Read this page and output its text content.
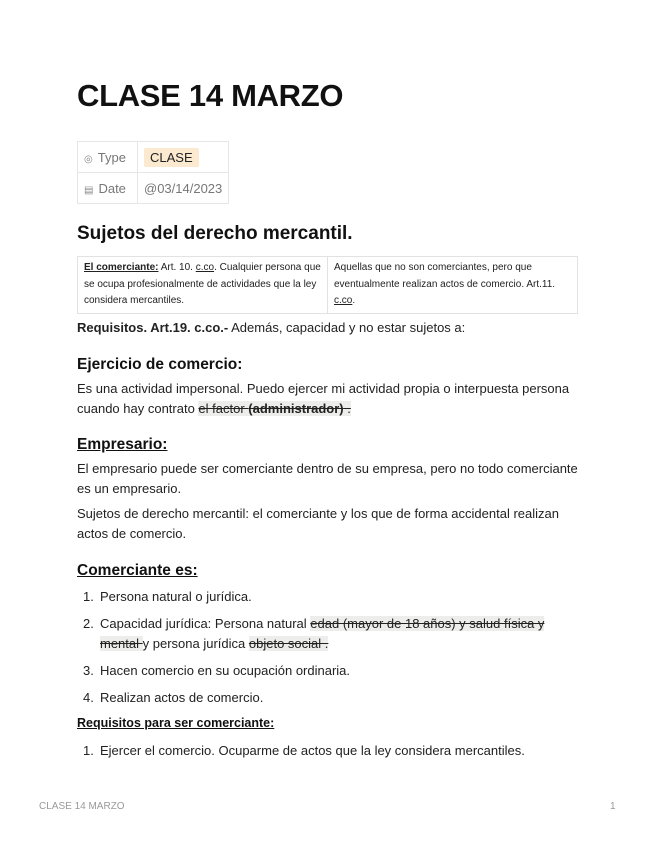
CLASE 14 MARZO
◎ Type	CLASE
▤ Date	@03/14/2023
Sujetos del derecho mercantil.
El comerciante: Art. 10. c.co. Cualquier persona que se ocupa profesionalmente de actividades que la ley considera mercantiles.	Aquellas que no son comerciantes, pero que eventualmente realizan actos de comercio. Art.11. c.co.

Requisitos. Art.19. c.co.- Además, capacidad y no estar sujetos a:

Ejercicio de comercio:

Es una actividad impersonal. Puedo ejercer mi actividad propia o interpuesta persona cuando hay contrato el factor (administrador) .

Empresario:

El empresario puede ser comerciante dentro de su empresa, pero no todo comerciante es un empresario.

Sujetos de derecho mercantil: el comerciante y los que de forma accidental realizan actos de comercio.

Comerciante es:
1. Persona natural o jurídica.
2. Capacidad jurídica: Persona natural edad (mayor de 18 años) y salud física y mental y persona jurídica objeto social .
3. Hacen comercio en su ocupación ordinaria.
4. Realizan actos de comercio.
Requisitos para ser comerciante:
1. Ejercer el comercio. Ocuparme de actos que la ley considera mercantiles.
CLASE 14 MARZO	1
